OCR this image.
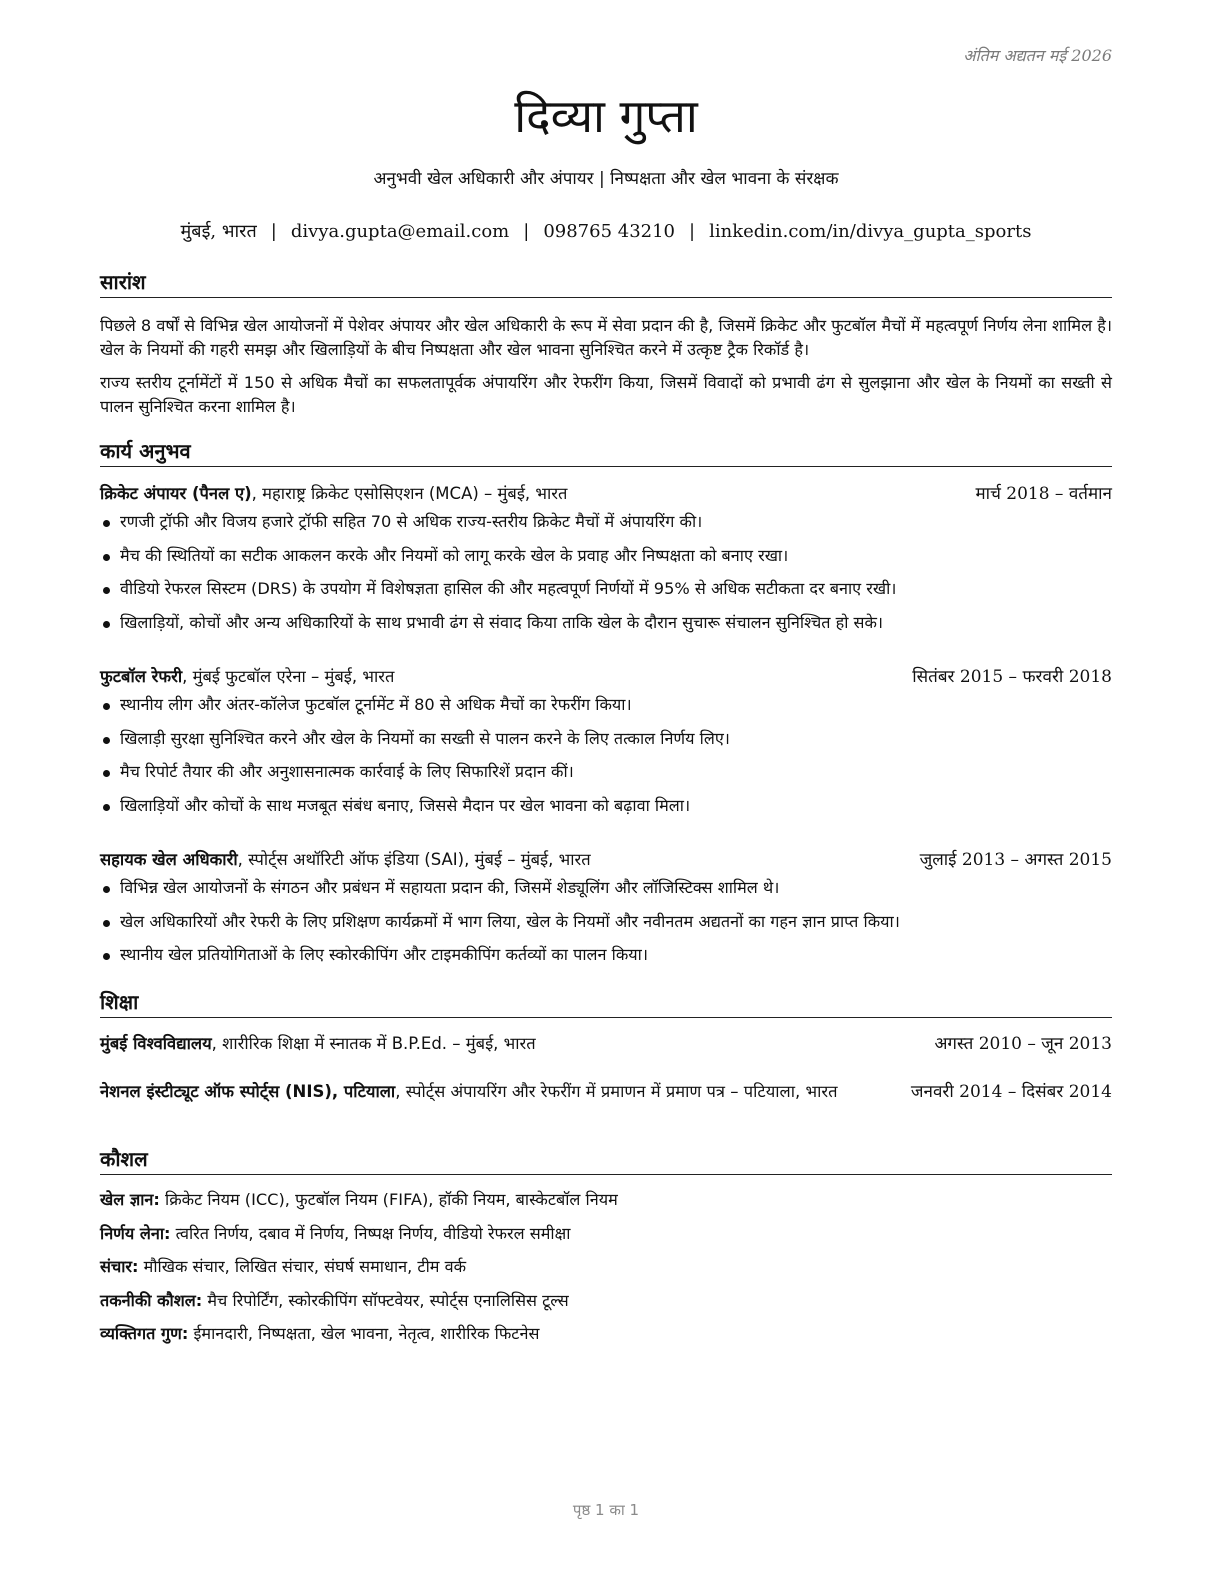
अंतिम अद्यतन मई 2026
दिव्या गुप्ता
अनुभवी खेल अधिकारी और अंपायर | निष्पक्षता और खेल भावना के संरक्षक
मुंबई, भारत | divya.gupta@email.com | 098765 43210 | linkedin.com/in/divya_gupta_sports
सारांश
पिछले 8 वर्षों से विभिन्न खेल आयोजनों में पेशेवर अंपायर और खेल अधिकारी के रूप में सेवा प्रदान की है, जिसमें क्रिकेट और फुटबॉल मैचों में महत्वपूर्ण निर्णय लेना शामिल है। खेल के नियमों की गहरी समझ और खिलाड़ियों के बीच निष्पक्षता और खेल भावना सुनिश्चित करने में उत्कृष्ट ट्रैक रिकॉर्ड है।
राज्य स्तरीय टूर्नामेंटों में 150 से अधिक मैचों का सफलतापूर्वक अंपायरिंग और रेफरींग किया, जिसमें विवादों को प्रभावी ढंग से सुलझाना और खेल के नियमों का सख्ती से पालन सुनिश्चित करना शामिल है।
कार्य अनुभव
क्रिकेट अंपायर (पैनल ए), महाराष्ट्र क्रिकेट एसोसिएशन (MCA) – मुंबई, भारत	मार्च 2018 – वर्तमान
रणजी ट्रॉफी और विजय हजारे ट्रॉफी सहित 70 से अधिक राज्य-स्तरीय क्रिकेट मैचों में अंपायरिंग की।
मैच की स्थितियों का सटीक आकलन करके और नियमों को लागू करके खेल के प्रवाह और निष्पक्षता को बनाए रखा।
वीडियो रेफरल सिस्टम (DRS) के उपयोग में विशेषज्ञता हासिल की और महत्वपूर्ण निर्णयों में 95% से अधिक सटीकता दर बनाए रखी।
खिलाड़ियों, कोचों और अन्य अधिकारियों के साथ प्रभावी ढंग से संवाद किया ताकि खेल के दौरान सुचारू संचालन सुनिश्चित हो सके।
फुटबॉल रेफरी, मुंबई फुटबॉल एरेना – मुंबई, भारत	सितंबर 2015 – फरवरी 2018
स्थानीय लीग और अंतर-कॉलेज फुटबॉल टूर्नामेंट में 80 से अधिक मैचों का रेफरींग किया।
खिलाड़ी सुरक्षा सुनिश्चित करने और खेल के नियमों का सख्ती से पालन करने के लिए तत्काल निर्णय लिए।
मैच रिपोर्ट तैयार की और अनुशासनात्मक कार्रवाई के लिए सिफारिशें प्रदान कीं।
खिलाड़ियों और कोचों के साथ मजबूत संबंध बनाए, जिससे मैदान पर खेल भावना को बढ़ावा मिला।
सहायक खेल अधिकारी, स्पोर्ट्स अथॉरिटी ऑफ इंडिया (SAI), मुंबई – मुंबई, भारत	जुलाई 2013 – अगस्त 2015
विभिन्न खेल आयोजनों के संगठन और प्रबंधन में सहायता प्रदान की, जिसमें शेड्यूलिंग और लॉजिस्टिक्स शामिल थे।
खेल अधिकारियों और रेफरी के लिए प्रशिक्षण कार्यक्रमों में भाग लिया, खेल के नियमों और नवीनतम अद्यतनों का गहन ज्ञान प्राप्त किया।
स्थानीय खेल प्रतियोगिताओं के लिए स्कोरकीपिंग और टाइमकीपिंग कर्तव्यों का पालन किया।
शिक्षा
मुंबई विश्वविद्यालय, शारीरिक शिक्षा में स्नातक में B.P.Ed. – मुंबई, भारत	अगस्त 2010 – जून 2013
नेशनल इंस्टीट्यूट ऑफ स्पोर्ट्स (NIS), पटियाला, स्पोर्ट्स अंपायरिंग और रेफरींग में प्रमाणन में प्रमाण पत्र – पटियाला, भारत	जनवरी 2014 – दिसंबर 2014
कौशल
खेल ज्ञान: क्रिकेट नियम (ICC), फुटबॉल नियम (FIFA), हॉकी नियम, बास्केटबॉल नियम
निर्णय लेना: त्वरित निर्णय, दबाव में निर्णय, निष्पक्ष निर्णय, वीडियो रेफरल समीक्षा
संचार: मौखिक संचार, लिखित संचार, संघर्ष समाधान, टीम वर्क
तकनीकी कौशल: मैच रिपोर्टिंग, स्कोरकीपिंग सॉफ्टवेयर, स्पोर्ट्स एनालिसिस टूल्स
व्यक्तिगत गुण: ईमानदारी, निष्पक्षता, खेल भावना, नेतृत्व, शारीरिक फिटनेस
पृष्ठ 1 का 1
